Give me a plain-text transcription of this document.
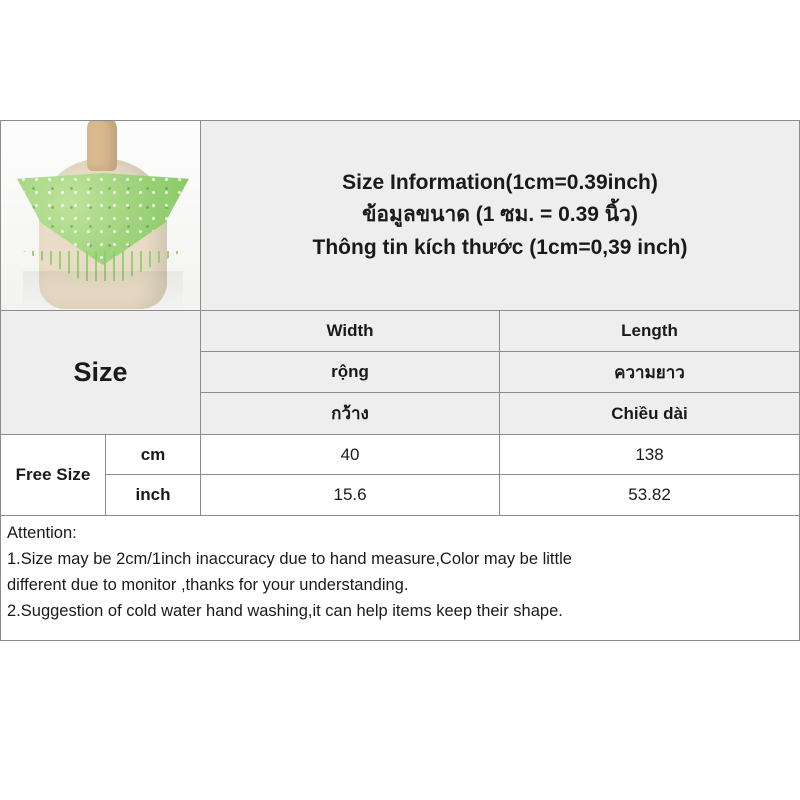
Size Information(1cm=0.39inch)
ข้อมูลขนาด (1 ซม. = 0.39 นิ้ว)
Thông tin kích thước (1cm=0,39 inch)
Size
Width	Length
rộng	ความยาว
กว้าง	Chiều dài
Free Size
cm	40	138
inch	15.6	53.82

Attention:

1.Size may be 2cm/1inch inaccuracy due to hand measure,Color may be little

different due to monitor ,thanks for your understanding.

2.Suggestion of cold water hand washing,it can help items keep their shape.
